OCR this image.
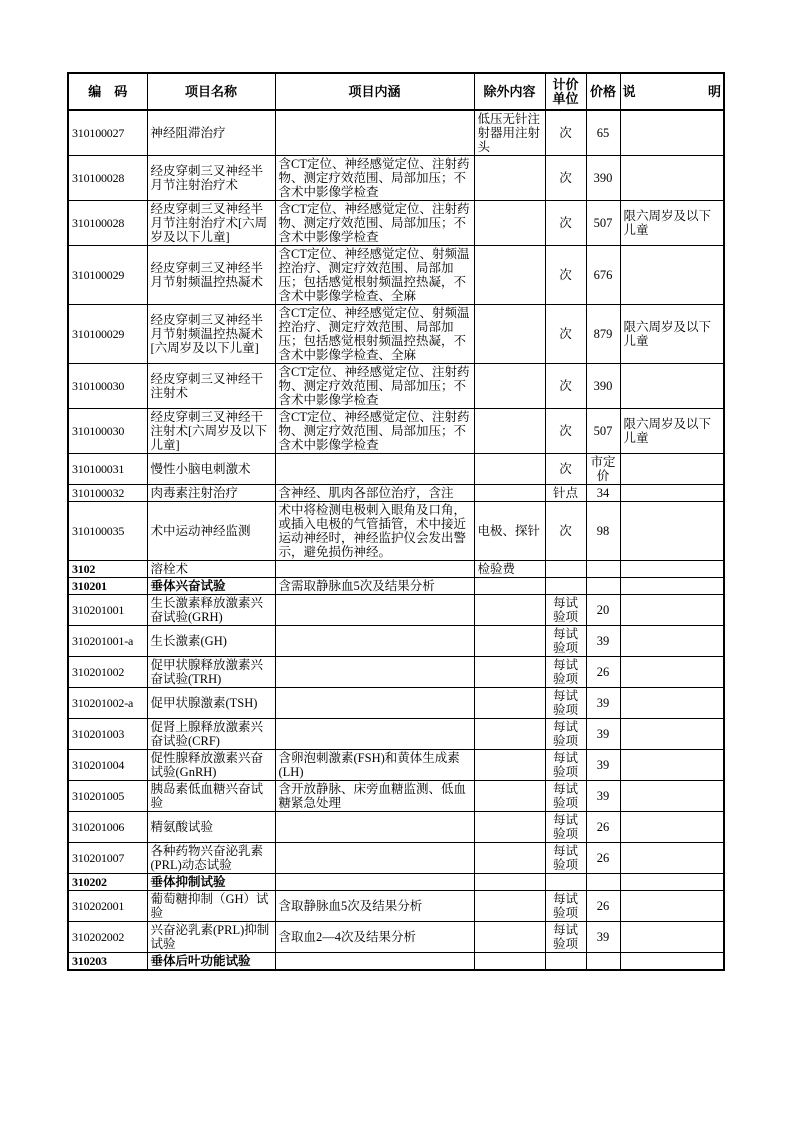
编　码	项目名称	项目内涵	除外内容	计价单位	价格	说　明
310100027	神经阻滞治疗		低压无针注射器用注射头	次	65	
310100028	经皮穿刺三叉神经半月节注射治疗术	含CT定位、神经感觉定位、注射药物、测定疗效范围、局部加压；不含术中影像学检查		次	390	
310100028	经皮穿刺三叉神经半月节注射治疗术[六周岁及以下儿童]	含CT定位、神经感觉定位、注射药物、测定疗效范围、局部加压；不含术中影像学检查		次	507	限六周岁及以下儿童
310100029	经皮穿刺三叉神经半月节射频温控热凝术	含CT定位、神经感觉定位、射频温控治疗、测定疗效范围、局部加压；包括感觉根射频温控热凝，不含术中影像学检查、全麻		次	676	
310100029	经皮穿刺三叉神经半月节射频温控热凝术[六周岁及以下儿童]	含CT定位、神经感觉定位、射频温控治疗、测定疗效范围、局部加压；包括感觉根射频温控热凝，不含术中影像学检查、全麻		次	879	限六周岁及以下儿童
310100030	经皮穿刺三叉神经干注射术	含CT定位、神经感觉定位、注射药物、测定疗效范围、局部加压；不含术中影像学检查		次	390	
310100030	经皮穿刺三叉神经干注射术[六周岁及以下儿童]	含CT定位、神经感觉定位、注射药物、测定疗效范围、局部加压；不含术中影像学检查		次	507	限六周岁及以下儿童
310100031	慢性小脑电刺激术			次	市定价	
310100032	肉毒素注射治疗	含神经、肌肉各部位治疗，含注		针点	34	
310100035	术中运动神经监测	术中将检测电极刺入眼角及口角，或插入电极的气管插管，术中接近运动神经时，神经监护仪会发出警示，避免损伤神经。	电极、探针	次	98	
3102	溶栓术		检验费			
310201	垂体兴奋试验	含需取静脉血5次及结果分析				
310201001	生长激素释放激素兴奋试验(GRH)			每试验项	20	
310201001-a	生长激素(GH)			每试验项	39	
310201002	促甲状腺释放激素兴奋试验(TRH)			每试验项	26	
310201002-a	促甲状腺激素(TSH)			每试验项	39	
310201003	促肾上腺释放激素兴奋试验(CRF)			每试验项	39	
310201004	促性腺释放激素兴奋试验(GnRH)	含卵泡刺激素(FSH)和黄体生成素(LH)		每试验项	39	
310201005	胰岛素低血糖兴奋试验	含开放静脉、床旁血糖监测、低血糖紧急处理		每试验项	39	
310201006	精氨酸试验			每试验项	26	
310201007	各种药物兴奋泌乳素(PRL)动态试验			每试验项	26	
310202	垂体抑制试验					
310202001	葡萄糖抑制（GH）试验	含取静脉血5次及结果分析		每试验项	26	
310202002	兴奋泌乳素(PRL)抑制试验	含取血2—4次及结果分析		每试验项	39	
310203	垂体后叶功能试验					
